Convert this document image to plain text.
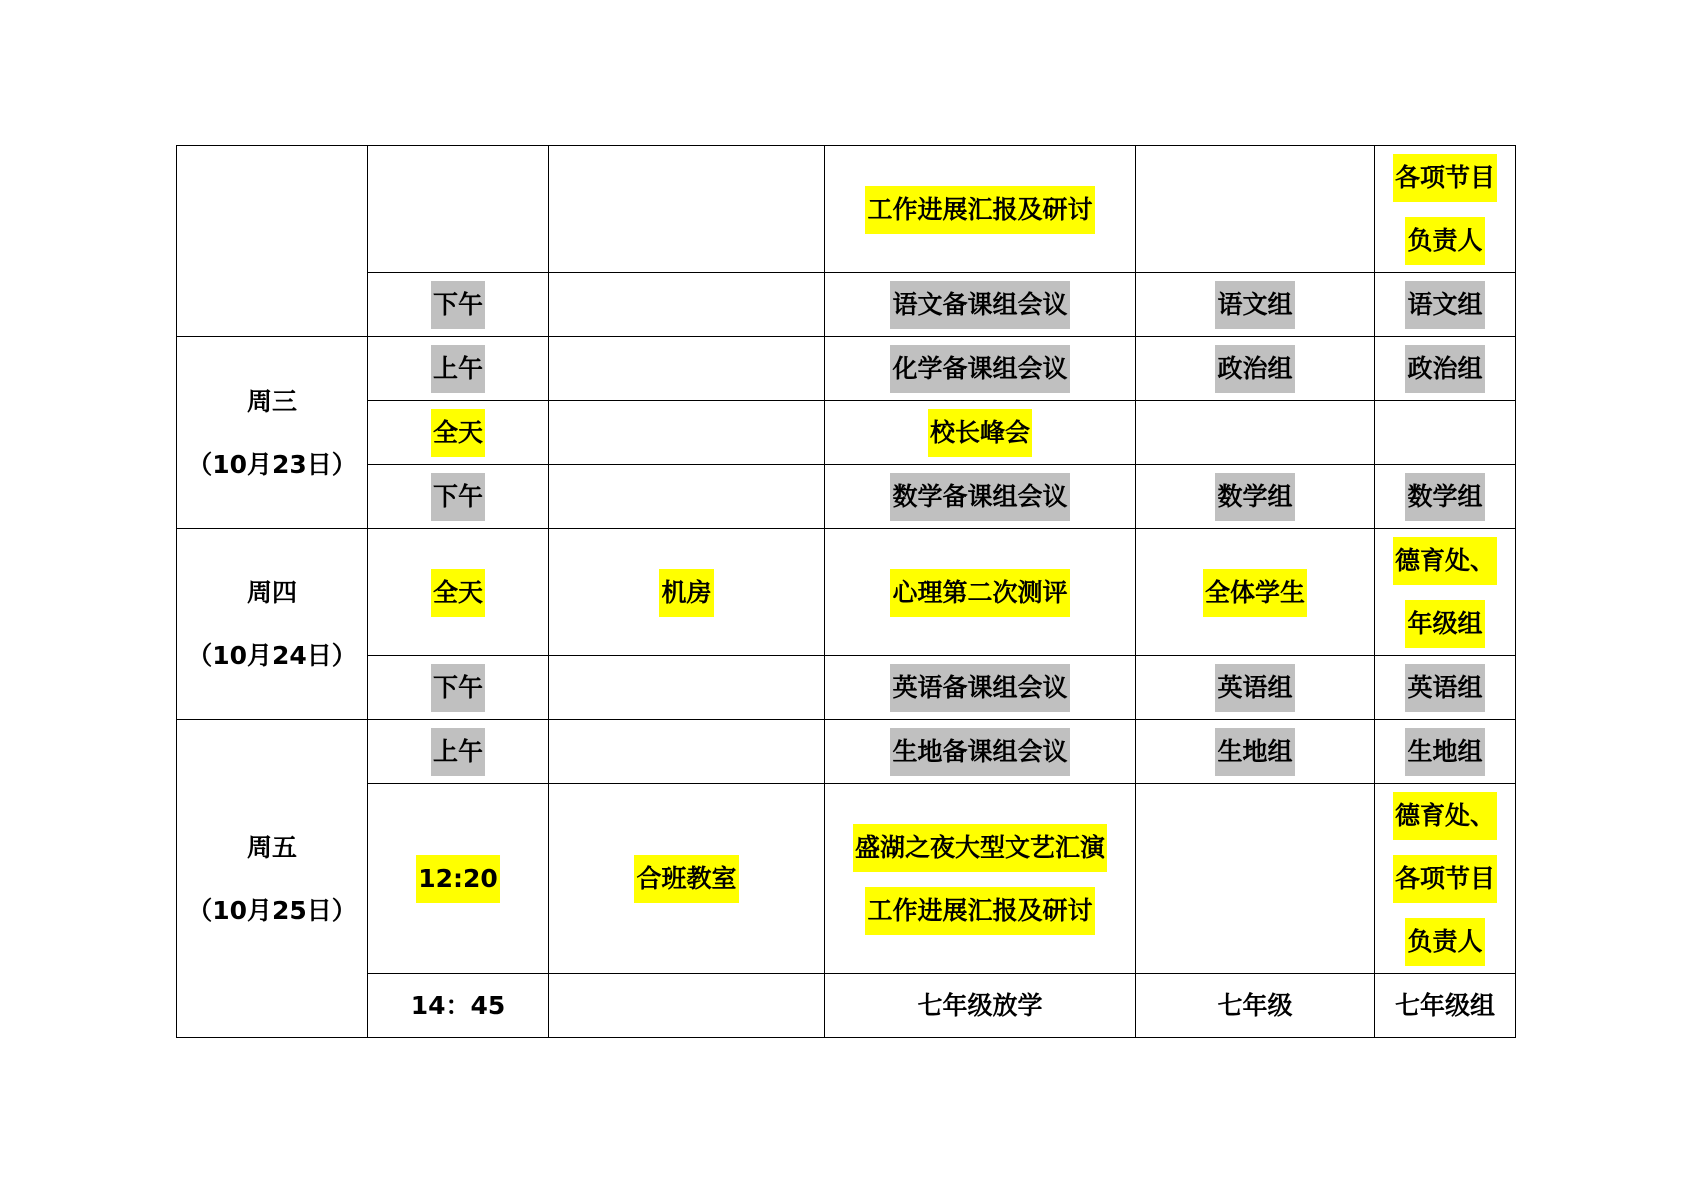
			工作进展汇报及研讨		各项节目
负责人

	下午		语文备课组会议	语文组	语文组

周三
（10月23日）	上午		化学备课组会议	政治组	政治组
	全天		校长峰会		
	下午		数学备课组会议	数学组	数学组

周四
（10月24日）	全天	机房	心理第二次测评	全体学生	德育处、
年级组

	下午		英语备课组会议	英语组	英语组

周五
（10月25日）	上午		生地备课组会议	生地组	生地组
	12:20	合班教室	盛湖之夜大型文艺汇演
工作进展汇报及研讨		德育处、
各项节目
负责人

	14：45		七年级放学	七年级	七年级组
